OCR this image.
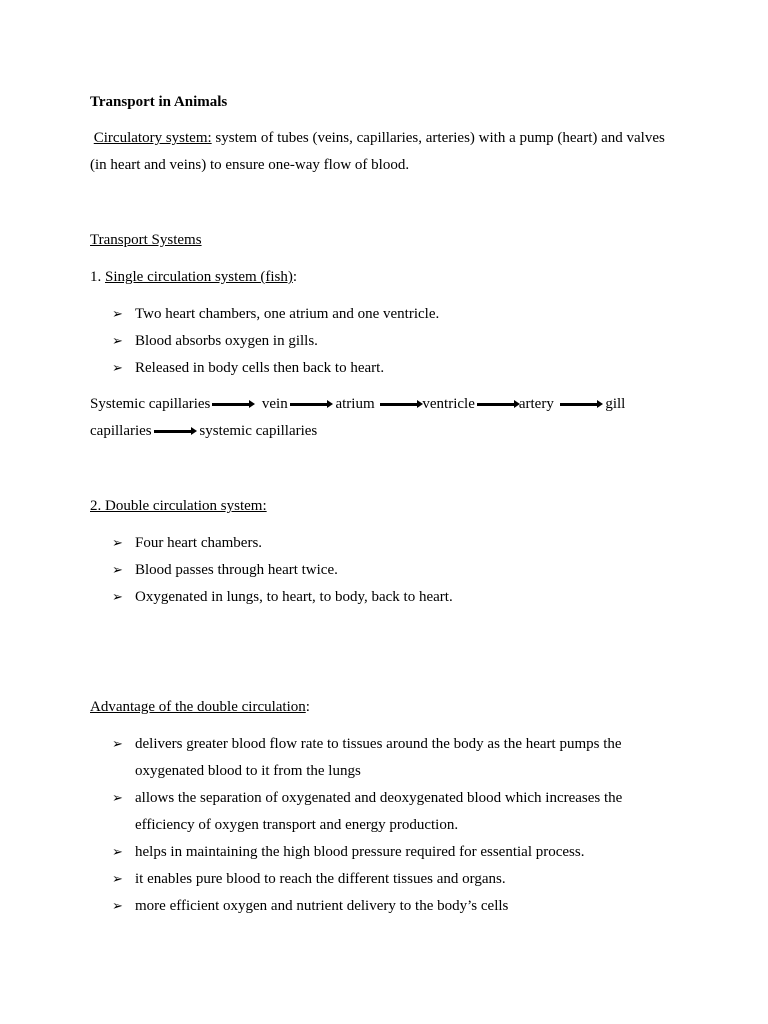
Transport in Animals

Circulatory system: system of tubes (veins, capillaries, arteries) with a pump (heart) and valves (in heart and veins) to ensure one-way flow of blood.

Transport Systems

1. Single circulation system (fish):

➢ Two heart chambers, one atrium and one ventricle.
➢ Blood absorbs oxygen in gills.
➢ Released in body cells then back to heart.
Systemic capillaries	vein	atrium	ventricle	artery	gill capillaries	systemic capillaries

2. Double circulation system:

➢ Four heart chambers.
➢ Blood passes through heart twice.
➢ Oxygenated in lungs, to heart, to body, back to heart.

Advantage of the double circulation:

➢ delivers greater blood flow rate to tissues around the body as the heart pumps the oxygenated blood to it from the lungs
➢ allows the separation of oxygenated and deoxygenated blood which increases the efficiency of oxygen transport and energy production.
➢ helps in maintaining the high blood pressure required for essential process.
➢ it enables pure blood to reach the different tissues and organs.
➢ more efficient oxygen and nutrient delivery to the body’s cells
